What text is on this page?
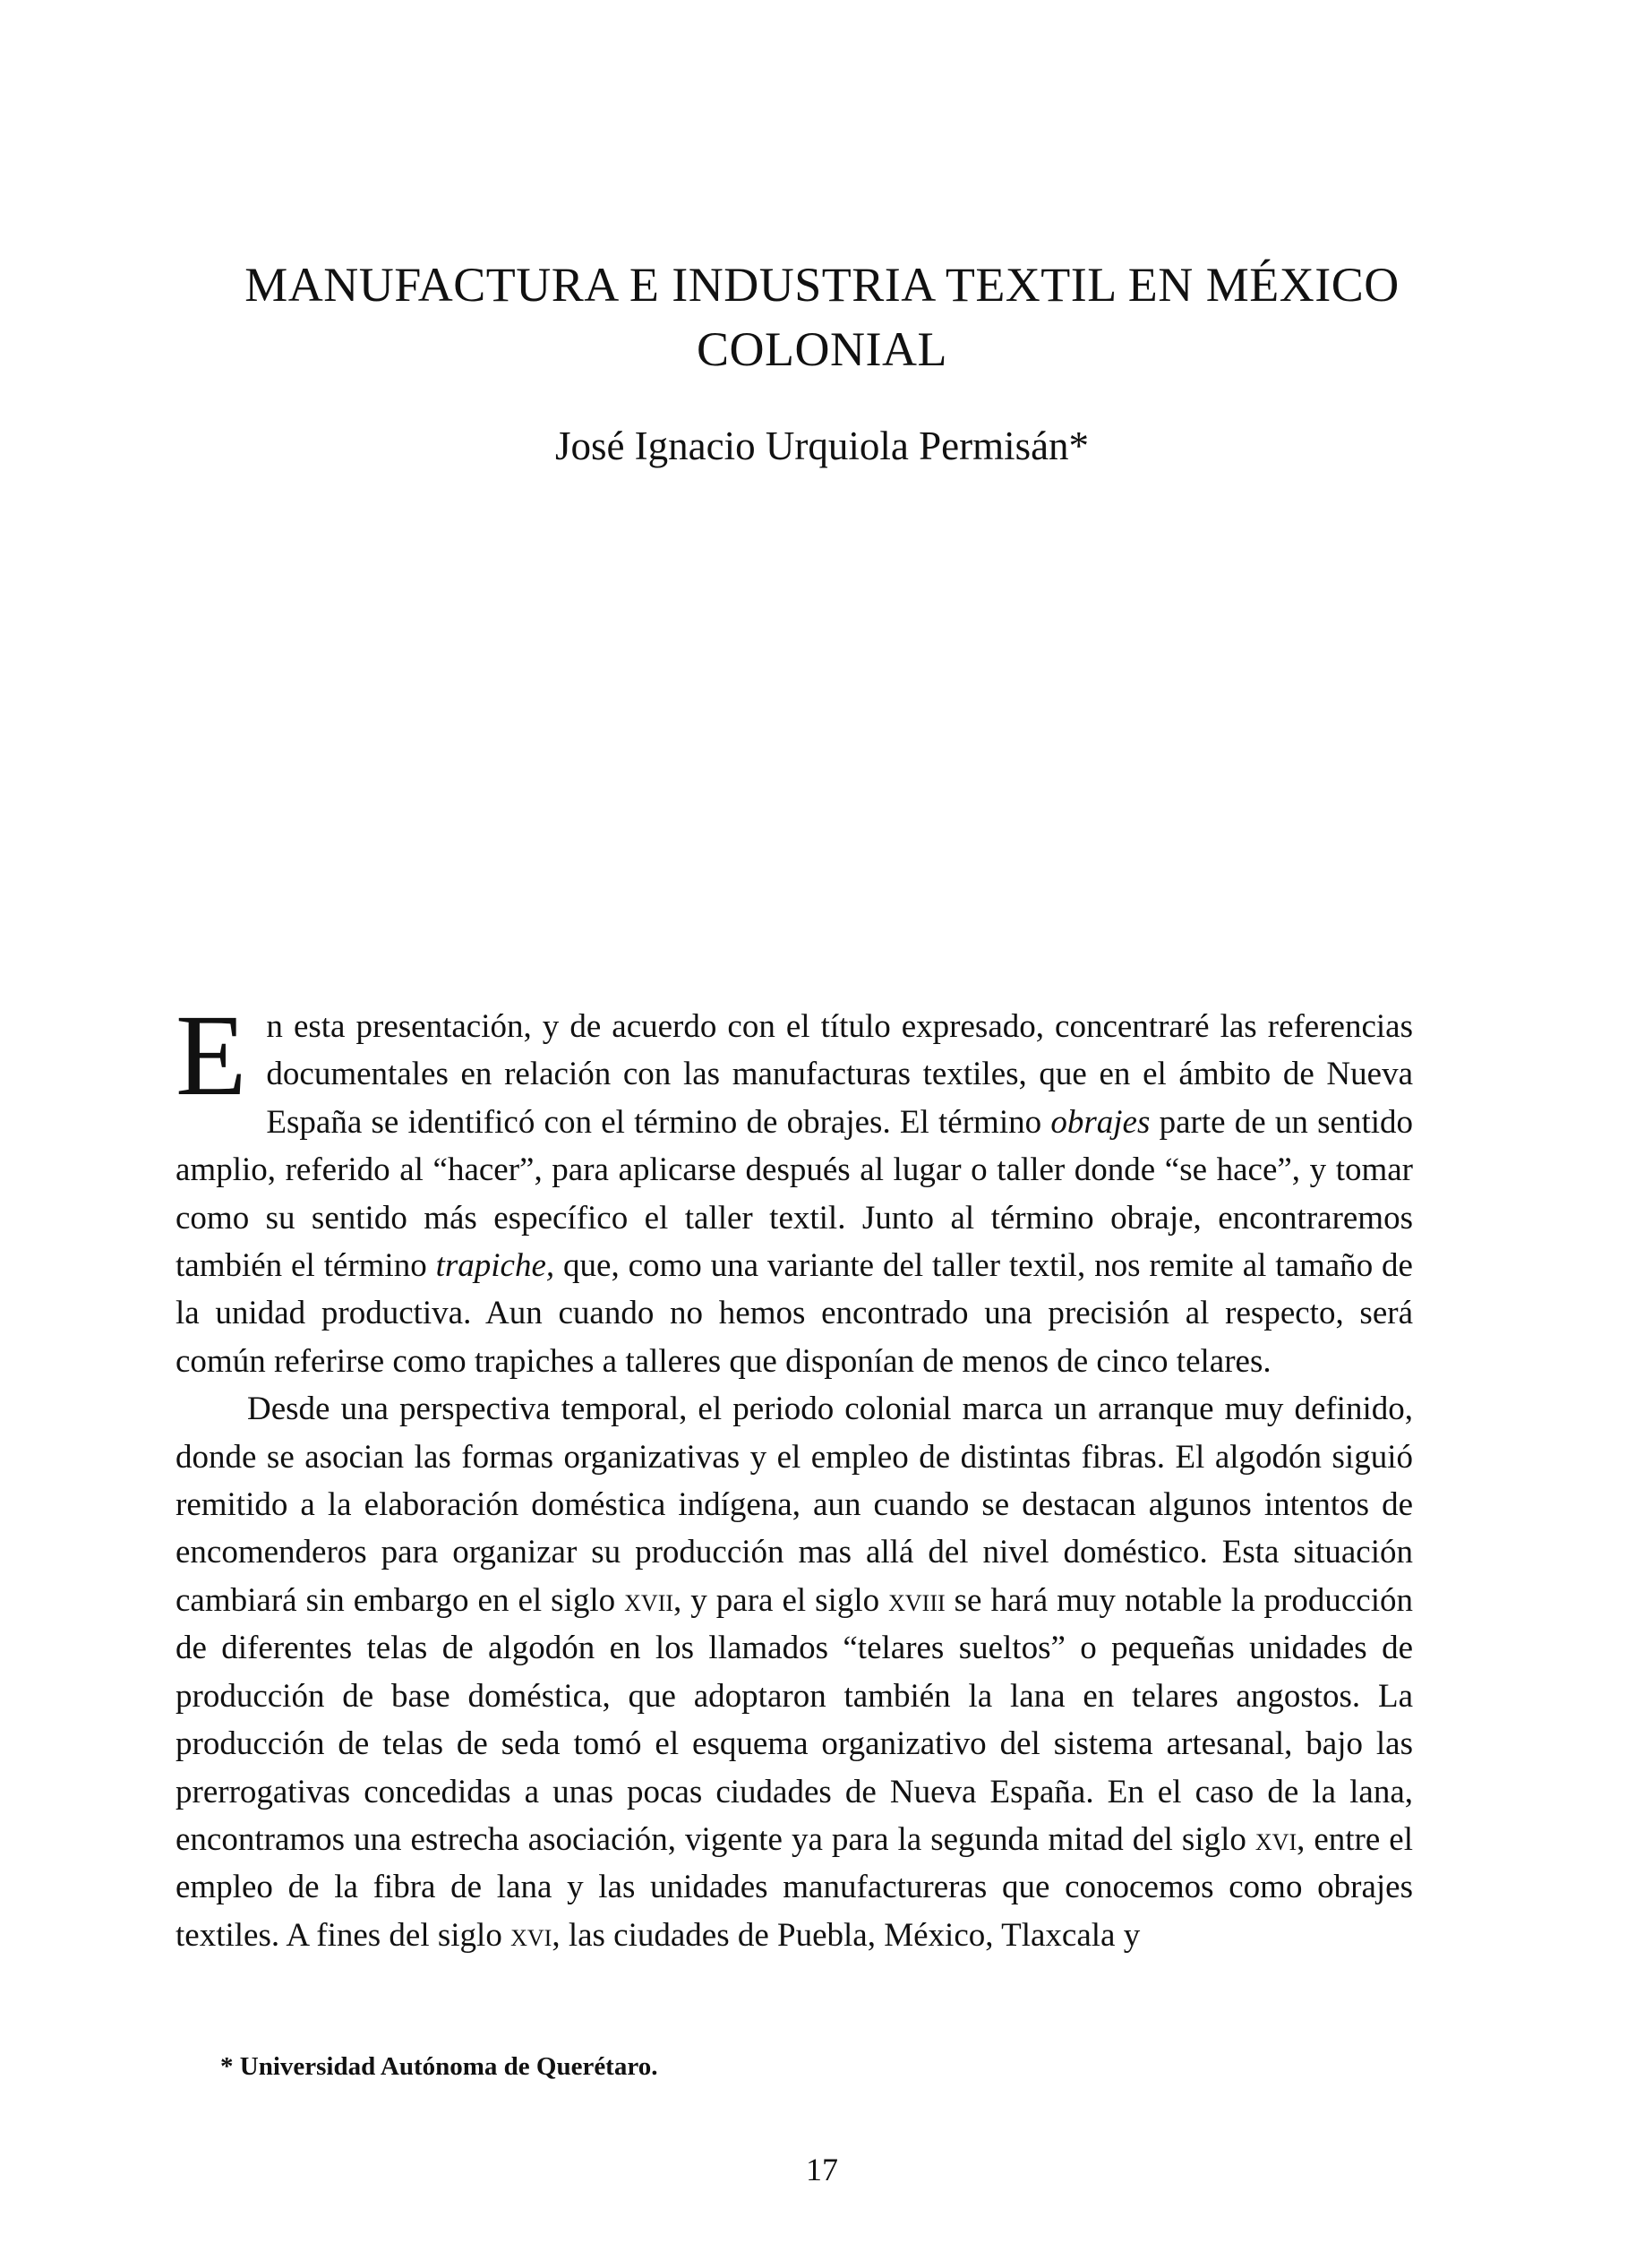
MANUFACTURA E INDUSTRIA TEXTIL EN MÉXICO
COLONIAL

José Ignacio Urquiola Permisán*

En esta presentación, y de acuerdo con el título expresado, concentraré las referencias documentales en relación con las manufacturas textiles, que en el ámbito de Nueva España se identificó con el término de obrajes. El término obrajes parte de un sentido amplio, referido al “hacer”, para aplicarse después al lugar o taller donde “se hace”, y tomar como su sentido más específico el taller textil. Junto al término obraje, encontraremos también el término trapiche, que, como una variante del taller textil, nos remite al tamaño de la unidad productiva. Aun cuando no hemos encontrado una precisión al respecto, será común referirse como trapiches a talleres que disponían de menos de cinco telares.

Desde una perspectiva temporal, el periodo colonial marca un arranque muy definido, donde se asocian las formas organizativas y el empleo de distintas fibras. El algodón siguió remitido a la elaboración doméstica indígena, aun cuando se destacan algunos intentos de encomenderos para organizar su producción mas allá del nivel doméstico. Esta situación cambiará sin embargo en el siglo xvii, y para el siglo xviii se hará muy notable la producción de diferentes telas de algodón en los llamados “telares sueltos” o pequeñas unidades de producción de base doméstica, que adoptaron también la lana en telares angostos. La producción de telas de seda tomó el esquema organizativo del sistema artesanal, bajo las prerrogativas concedidas a unas pocas ciudades de Nueva España. En el caso de la lana, encontramos una estrecha asociación, vigente ya para la segunda mitad del siglo xvi, entre el empleo de la fibra de lana y las unidades manufactureras que conocemos como obrajes textiles. A fines del siglo xvi, las ciudades de Puebla, México, Tlaxcala y

* Universidad Autónoma de Querétaro.
17
